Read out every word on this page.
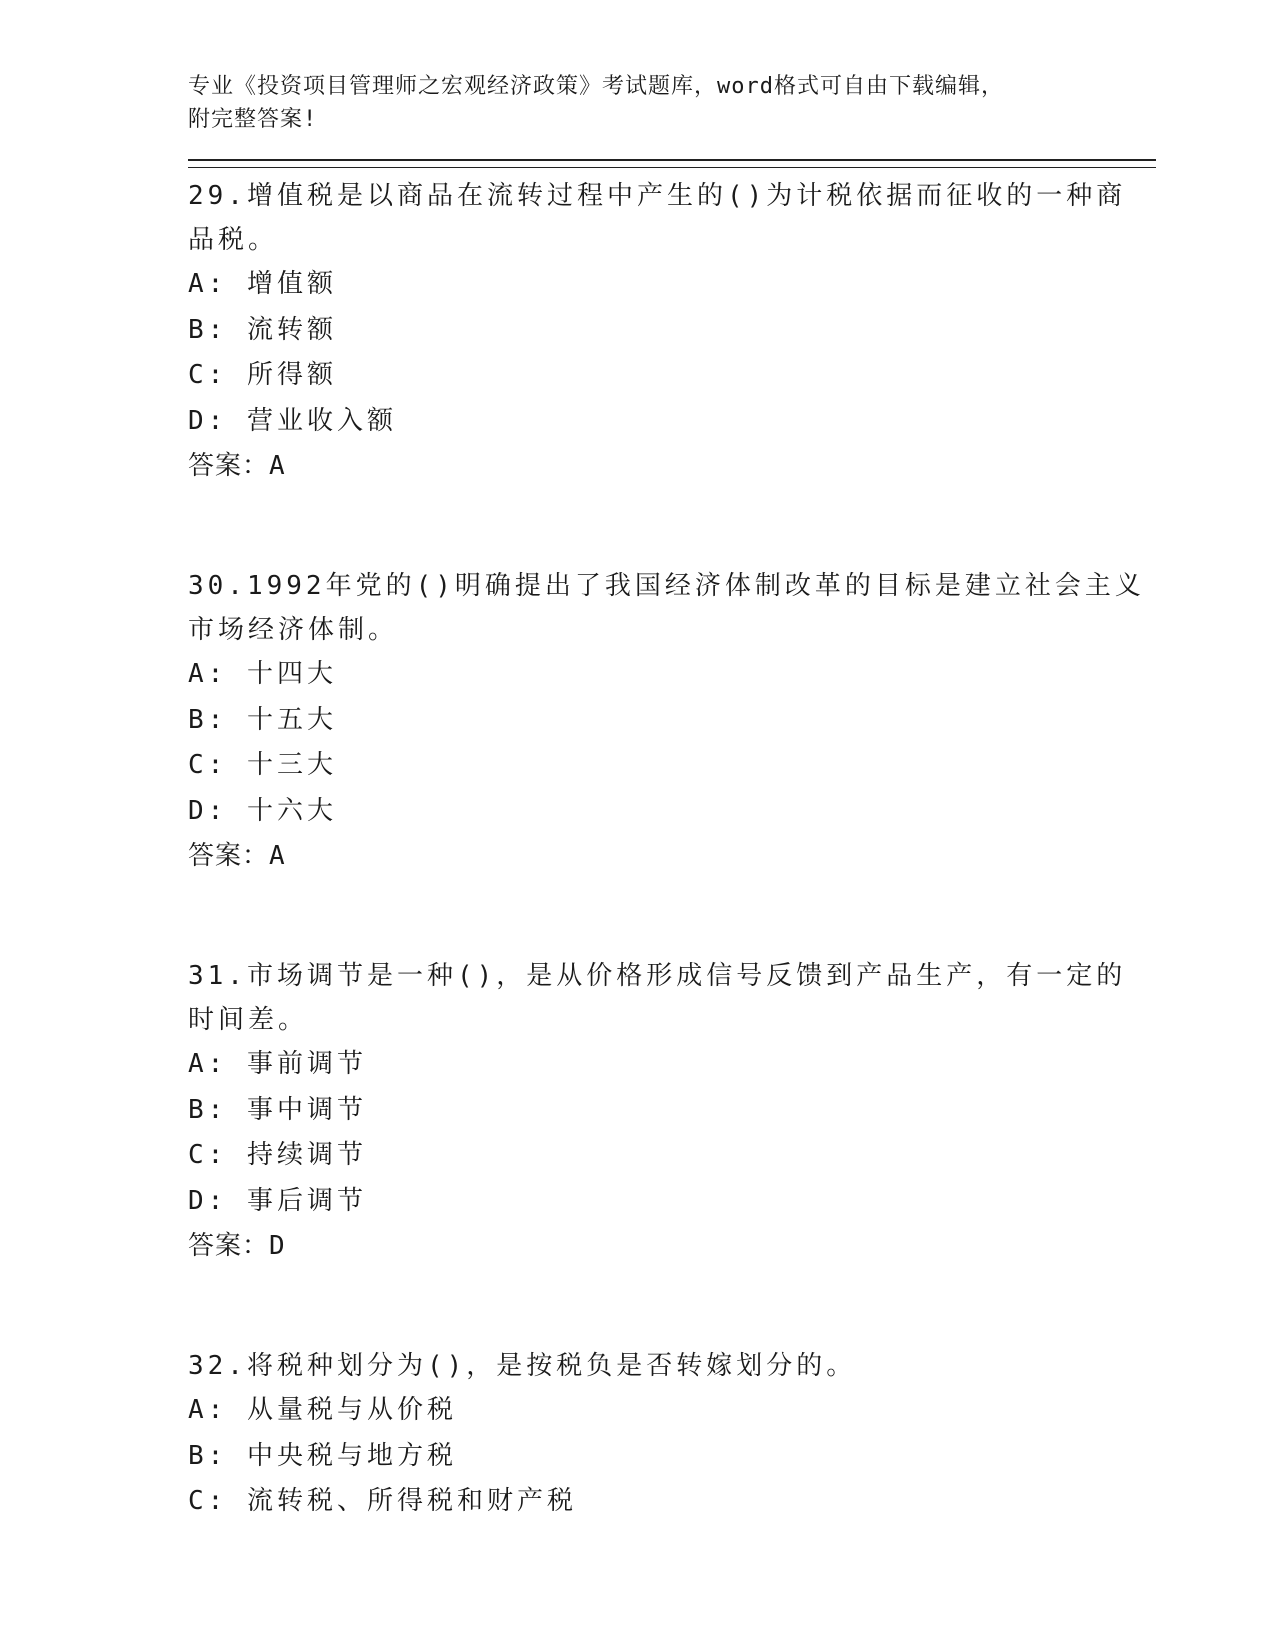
专业《投资项目管理师之宏观经济政策》考试题库，word格式可自由下载编辑，

附完整答案!

29.增值税是以商品在流转过程中产生的()为计税依据而征收的一种商

品税。

A: 增值额

B: 流转额

C: 所得额

D: 营业收入额

答案：A

30.1992年党的()明确提出了我国经济体制改革的目标是建立社会主义

市场经济体制。

A: 十四大

B: 十五大

C: 十三大

D: 十六大

答案：A

31.市场调节是一种()，是从价格形成信号反馈到产品生产，有一定的

时间差。

A: 事前调节

B: 事中调节

C: 持续调节

D: 事后调节

答案：D

32.将税种划分为()，是按税负是否转嫁划分的。

A: 从量税与从价税

B: 中央税与地方税

C: 流转税、所得税和财产税
